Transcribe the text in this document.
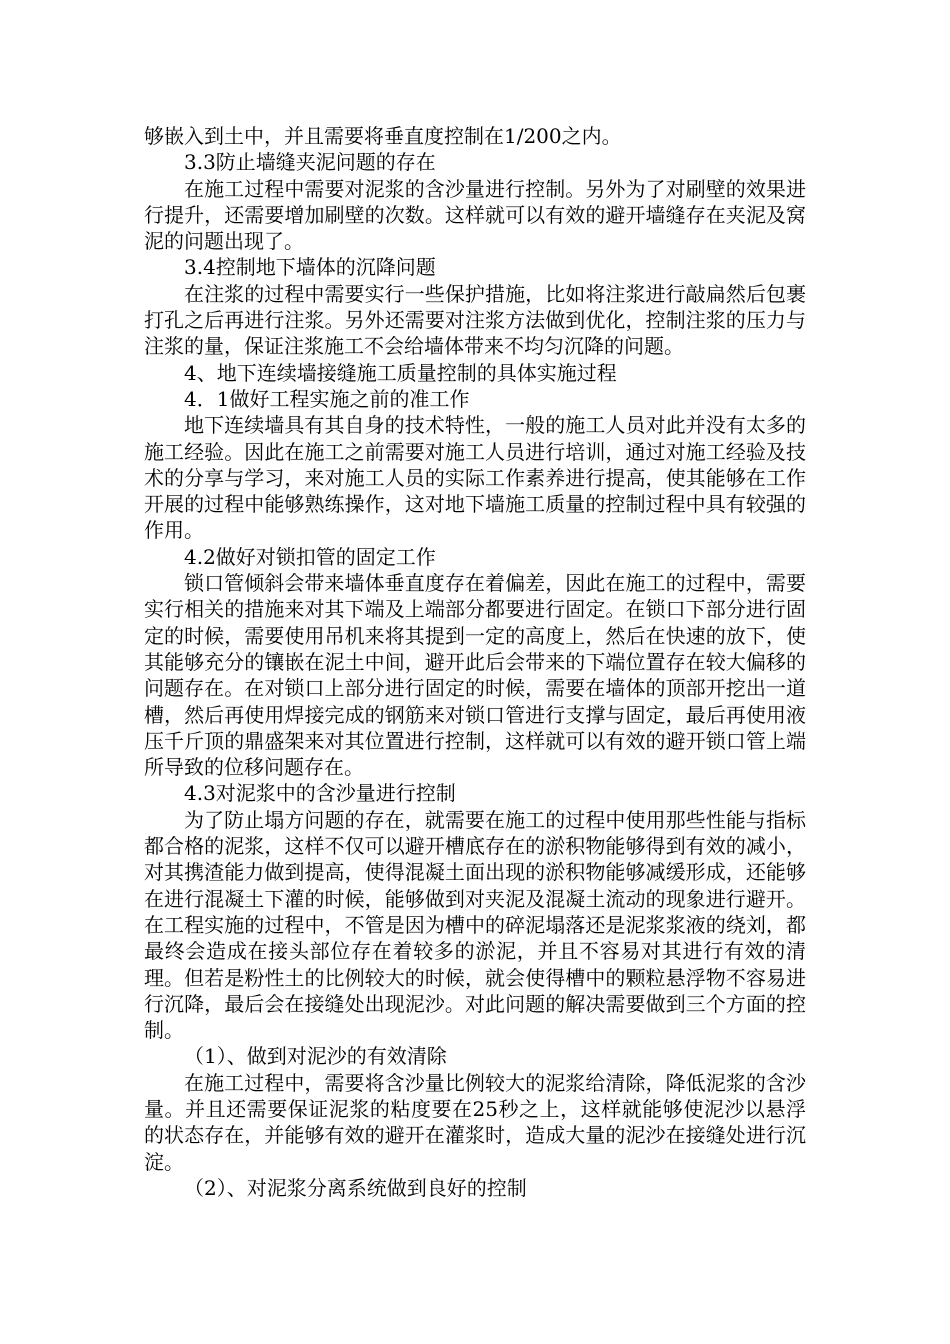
够嵌入到土中，并且需要将垂直度控制在1/200之内。

3.3防止墙缝夹泥问题的存在

在施工过程中需要对泥浆的含沙量进行控制。另外为了对刷壁的效果进行提升，还需要增加刷壁的次数。这样就可以有效的避开墙缝存在夹泥及窝泥的问题出现了。

3.4控制地下墙体的沉降问题

在注浆的过程中需要实行一些保护措施，比如将注浆进行敲扁然后包裹打孔之后再进行注浆。另外还需要对注浆方法做到优化，控制注浆的压力与注浆的量，保证注浆施工不会给墙体带来不均匀沉降的问题。

4、地下连续墙接缝施工质量控制的具体实施过程

4．1做好工程实施之前的准工作

地下连续墙具有其自身的技术特性，一般的施工人员对此并没有太多的施工经验。因此在施工之前需要对施工人员进行培训，通过对施工经验及技术的分享与学习，来对施工人员的实际工作素养进行提高，使其能够在工作开展的过程中能够熟练操作，这对地下墙施工质量的控制过程中具有较强的作用。

4.2做好对锁扣管的固定工作

锁口管倾斜会带来墙体垂直度存在着偏差，因此在施工的过程中，需要实行相关的措施来对其下端及上端部分都要进行固定。在锁口下部分进行固定的时候，需要使用吊机来将其提到一定的高度上，然后在快速的放下，使其能够充分的镶嵌在泥土中间，避开此后会带来的下端位置存在较大偏移的问题存在。在对锁口上部分进行固定的时候，需要在墙体的顶部开挖出一道槽，然后再使用焊接完成的钢筋来对锁口管进行支撑与固定，最后再使用液压千斤顶的鼎盛架来对其位置进行控制，这样就可以有效的避开锁口管上端所导致的位移问题存在。

4.3对泥浆中的含沙量进行控制

为了防止塌方问题的存在，就需要在施工的过程中使用那些性能与指标都合格的泥浆，这样不仅可以避开槽底存在的淤积物能够得到有效的减小，对其携渣能力做到提高，使得混凝土面出现的淤积物能够减缓形成，还能够在进行混凝土下灌的时候，能够做到对夹泥及混凝土流动的现象进行避开。在工程实施的过程中，不管是因为槽中的碎泥塌落还是泥浆浆液的绕刘，都最终会造成在接头部位存在着较多的淤泥，并且不容易对其进行有效的清理。但若是粉性土的比例较大的时候，就会使得槽中的颗粒悬浮物不容易进行沉降，最后会在接缝处出现泥沙。对此问题的解决需要做到三个方面的控制。

（1）、做到对泥沙的有效清除

在施工过程中，需要将含沙量比例较大的泥浆给清除，降低泥浆的含沙量。并且还需要保证泥浆的粘度要在25秒之上，这样就能够使泥沙以悬浮的状态存在，并能够有效的避开在灌浆时，造成大量的泥沙在接缝处进行沉淀。

（2）、对泥浆分离系统做到良好的控制
